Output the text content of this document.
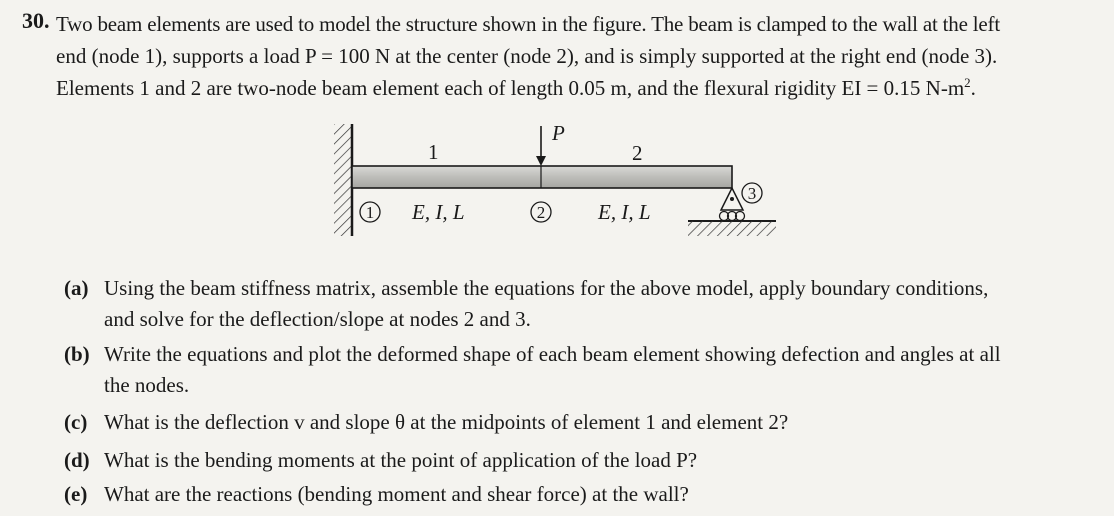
30. Two beam elements are used to model the structure shown in the figure. The beam is clamped to the wall at the left

end (node 1), supports a load P = 100 N at the center (node 2), and is simply supported at the right end (node 3).

Elements 1 and 2 are two-node beam element each of length 0.05 m, and the flexural rigidity EI = 0.15 $N-m^2$.

1	2
P
1 E, I, L	2	E, I, L
3
(a) Using the beam stiffness matrix, assemble the equations for the above model, apply boundary conditions,
and solve for the deflection/slope at nodes 2 and 3.
(b) Write the equations and plot the deformed shape of each beam element showing defection and angles at all
the nodes.
(c) What is the deflection v and slope θ at the midpoints of element 1 and element 2?
(d) What is the bending moments at the point of application of the load P?
(e) What are the reactions (bending moment and shear force) at the wall?
